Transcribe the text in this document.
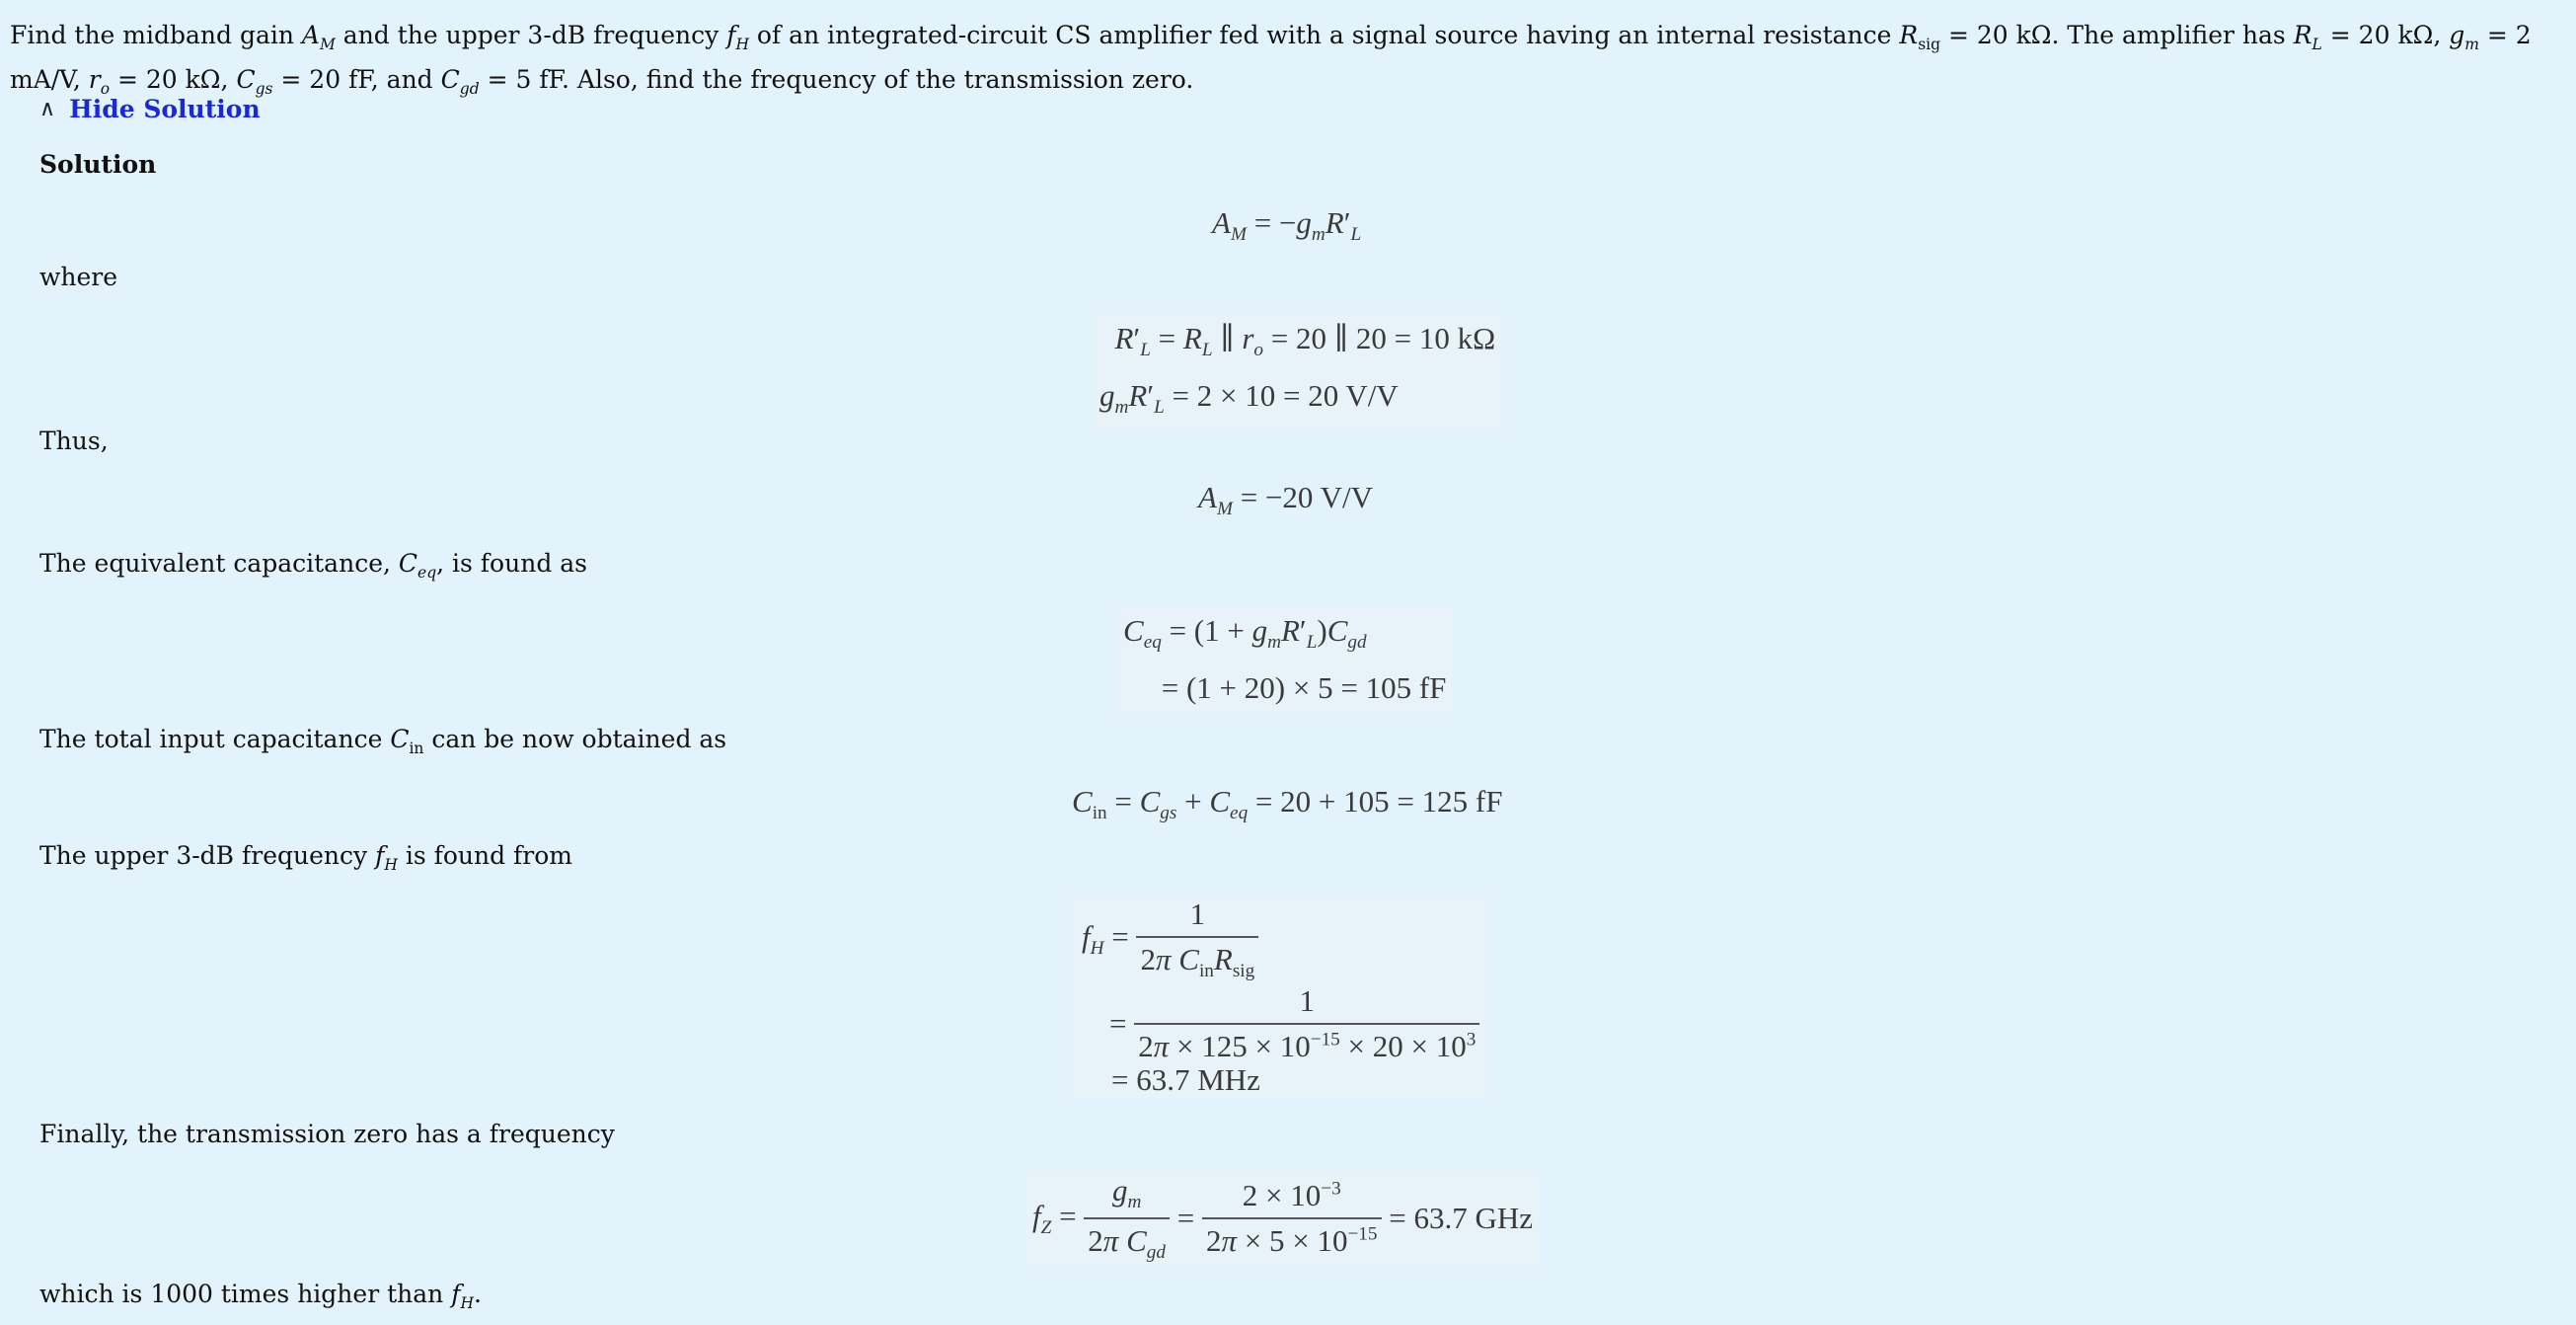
Find the midband gain $A_M$ and the upper 3-dB frequency $f_H$ of an integrated-circuit CS amplifier fed with a signal source having an internal resistance $R_{sig} = 20$ kΩ. The amplifier has $R_L = 20$ kΩ, $g_m = 2$ mA/V, $r_o = 20$ kΩ, $C_{gs} = 20$ fF, and $C_{gd} = 5$ fF. Also, find the frequency of the transmission zero.
∧ Hide Solution
Solution
$A_M = -g_mR'_L$
where
$R'_L = R_L$ ∥ $r_o = 20$ ∥ 20 = 10 kΩ
$g_mR'_L = 2 \times 10 = 20$ V/V
Thus,
$A_M = -20$ V/V
The equivalent capacitance, $C_{eq}$, is found as
$C_{eq} = (1 + g_mR'_L)C_{gd}$
= (1 + 20) × 5 = 105 fF
The total input capacitance $C_{in}$ can be now obtained as
$C_{in} = C_{gs} + C_{eq} = 20 + 105 = 125$ fF
The upper 3-dB frequency $f_H$ is found from
$f_H = \frac{1}{2\pi C_{in}R_{sig}}$
= $\frac{1}{2\pi \times 125 \times 10^{-15} \times 20 \times 10^3}$
= 63.7 MHz
Finally, the transmission zero has a frequency
$f_Z = \frac{g_m}{2\pi C_{gd}} = \frac{2 \times 10^{-3}}{2\pi \times 5 \times 10^{-15}} = 63.7$ GHz
which is 1000 times higher than $f_H$.
